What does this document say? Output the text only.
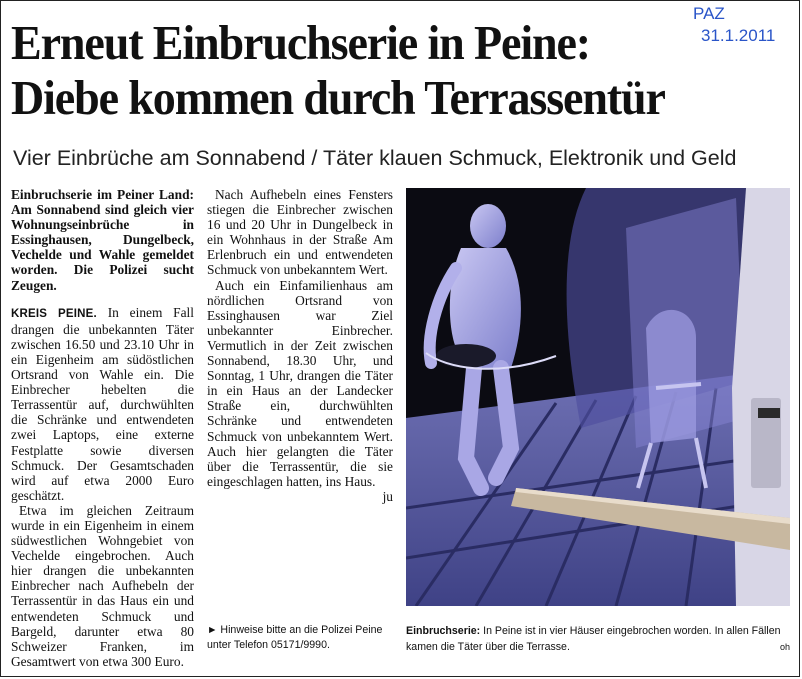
PAZ

31.1.2011
Erneut Einbruchserie in Peine:
Diebe kommen durch Terrassentür
Vier Einbrüche am Sonnabend / Täter klauen Schmuck, Elektronik und Geld

Einbruchserie im Peiner Land: Am Sonnabend sind gleich vier Wohnungseinbrüche in Essinghausen, Dungelbeck, Vechelde und Wahle gemeldet worden. Die Polizei sucht Zeugen.

KREIS PEINE. In einem Fall drangen die unbekannten Täter zwischen 16.50 und 23.10 Uhr in ein Eigenheim am südöstlichen Ortsrand von Wahle ein. Die Einbrecher hebelten die Terrassentür auf, durchwühlten die Schränke und entwendeten zwei Laptops, eine externe Festplatte sowie diversen Schmuck. Der Gesamtschaden wird auf etwa 2000 Euro geschätzt.

Etwa im gleichen Zeitraum wurde in ein Eigenheim in einem südwestlichen Wohngebiet von Vechelde eingebrochen. Auch hier drangen die unbekannten Einbrecher nach Aufhebeln der Terrassentür in das Haus ein und entwendeten Schmuck und Bargeld, darunter etwa 80 Schweizer Franken, im Gesamtwert von etwa 300 Euro.

Nach Aufhebeln eines Fensters stiegen die Einbrecher zwischen 16 und 20 Uhr in Dungelbeck in ein Wohnhaus in der Straße Am Erlenbruch ein und entwendeten Schmuck von unbekanntem Wert.

Auch ein Einfamilienhaus am nördlichen Ortsrand von Essinghausen war Ziel unbekannter Einbrecher. Vermutlich in der Zeit zwischen Sonnabend, 18.30 Uhr, und Sonntag, 1 Uhr, drangen die Täter in ein Haus an der Landecker Straße ein, durchwühlten Schränke und entwendeten Schmuck von unbekanntem Wert. Auch hier gelangten die Täter über die Terrassentür, die sie eingeschlagen hatten, ins Haus.
ju

► Hinweise bitte an die Polizei Peine unter Telefon 05171/9990.
Einbruchserie: In Peine ist in vier Häuser eingebrochen worden. In allen Fällen kamen die Täter über die Terrasse.	oh
